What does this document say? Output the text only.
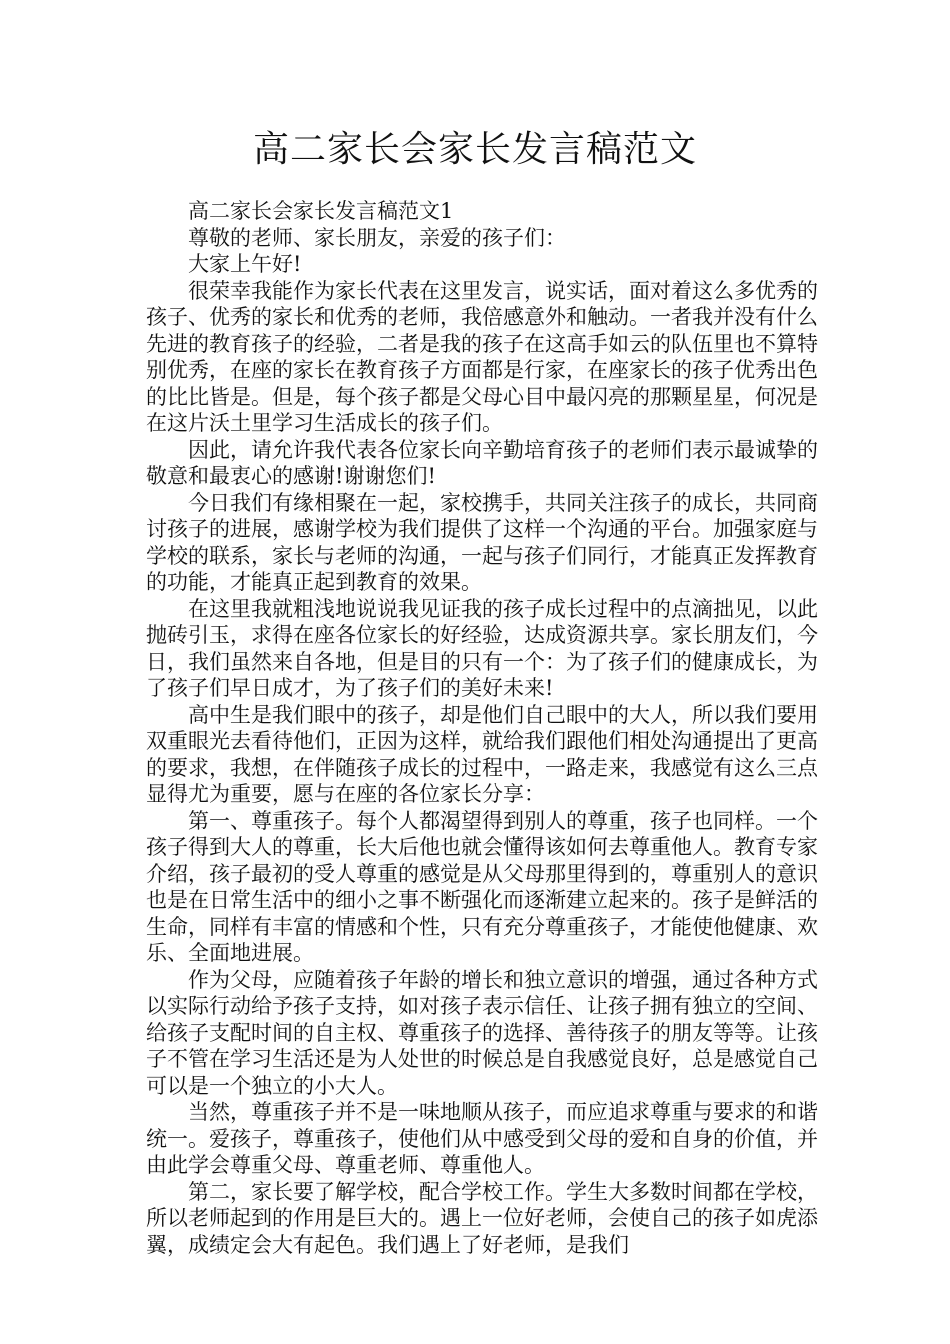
高二家长会家长发言稿范文

高二家长会家长发言稿范文1

尊敬的老师、家长朋友，亲爱的孩子们：

大家上午好!

很荣幸我能作为家长代表在这里发言，说实话，面对着这么多优秀的孩子、优秀的家长和优秀的老师，我倍感意外和触动。一者我并没有什么先进的教育孩子的经验，二者是我的孩子在这高手如云的队伍里也不算特别优秀，在座的家长在教育孩子方面都是行家，在座家长的孩子优秀出色的比比皆是。但是，每个孩子都是父母心目中最闪亮的那颗星星，何况是在这片沃土里学习生活成长的孩子们。

因此，请允许我代表各位家长向辛勤培育孩子的老师们表示最诚挚的敬意和最衷心的感谢!谢谢您们!

今日我们有缘相聚在一起，家校携手，共同关注孩子的成长，共同商讨孩子的进展，感谢学校为我们提供了这样一个沟通的平台。加强家庭与学校的联系，家长与老师的沟通，一起与孩子们同行，才能真正发挥教育的功能，才能真正起到教育的效果。

在这里我就粗浅地说说我见证我的孩子成长过程中的点滴拙见，以此抛砖引玉，求得在座各位家长的好经验，达成资源共享。家长朋友们，今日，我们虽然来自各地，但是目的只有一个：为了孩子们的健康成长，为了孩子们早日成才，为了孩子们的美好未来!

高中生是我们眼中的孩子，却是他们自己眼中的大人，所以我们要用双重眼光去看待他们，正因为这样，就给我们跟他们相处沟通提出了更高的要求，我想，在伴随孩子成长的过程中，一路走来，我感觉有这么三点显得尤为重要，愿与在座的各位家长分享：

第一、尊重孩子。每个人都渴望得到别人的尊重，孩子也同样。一个孩子得到大人的尊重，长大后他也就会懂得该如何去尊重他人。教育专家介绍，孩子最初的受人尊重的感觉是从父母那里得到的，尊重别人的意识也是在日常生活中的细小之事不断强化而逐渐建立起来的。孩子是鲜活的生命，同样有丰富的情感和个性，只有充分尊重孩子，才能使他健康、欢乐、全面地进展。

作为父母，应随着孩子年龄的增长和独立意识的增强，通过各种方式以实际行动给予孩子支持，如对孩子表示信任、让孩子拥有独立的空间、给孩子支配时间的自主权、尊重孩子的选择、善待孩子的朋友等等。让孩子不管在学习生活还是为人处世的时候总是自我感觉良好，总是感觉自己可以是一个独立的小大人。

当然，尊重孩子并不是一味地顺从孩子，而应追求尊重与要求的和谐统一。爱孩子，尊重孩子，使他们从中感受到父母的爱和自身的价值，并由此学会尊重父母、尊重老师、尊重他人。

第二，家长要了解学校，配合学校工作。学生大多数时间都在学校，所以老师起到的作用是巨大的。遇上一位好老师，会使自己的孩子如虎添翼，成绩定会大有起色。我们遇上了好老师，是我们
